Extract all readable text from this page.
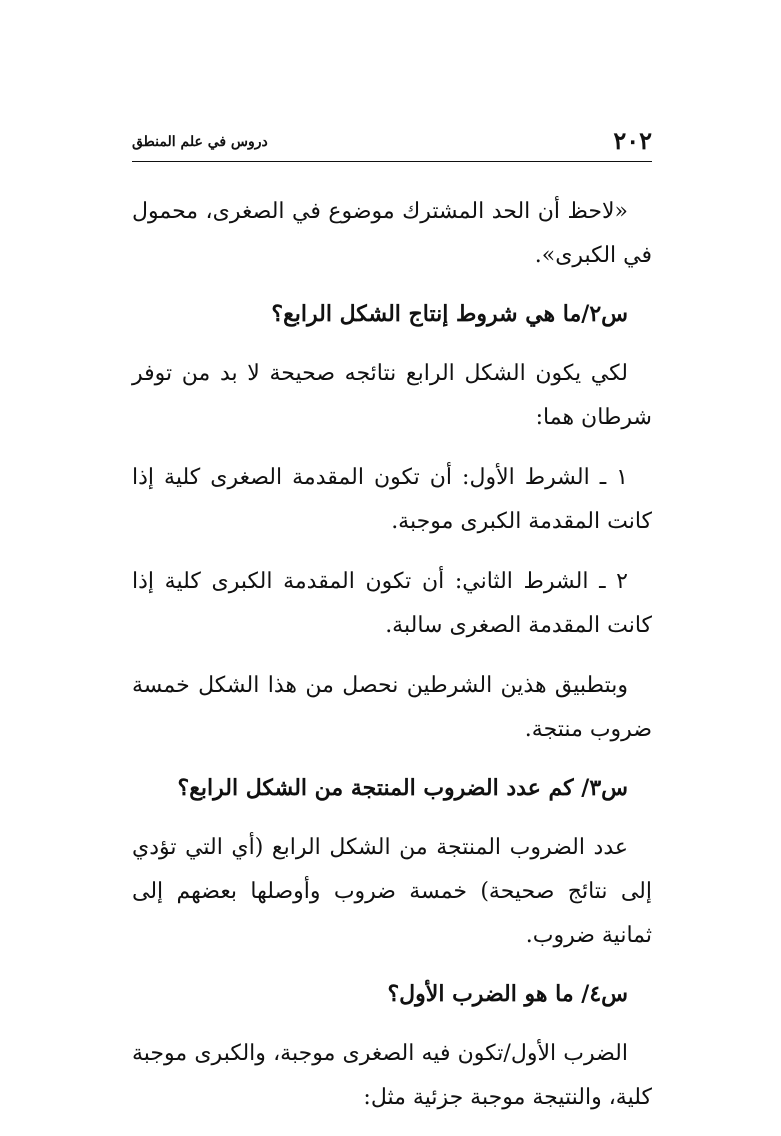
٢٠٢
دروس في علم المنطق

«لاحظ أن الحد المشترك موضوع في الصغرى، محمول في الكبرى».

س٢/ما هي شروط إنتاج الشكل الرابع؟

لكي يكون الشكل الرابع نتائجه صحيحة لا بد من توفر شرطان هما:

١ ـ الشرط الأول: أن تكون المقدمة الصغرى كلية إذا كانت المقدمة الكبرى موجبة.

٢ ـ الشرط الثاني: أن تكون المقدمة الكبرى كلية إذا كانت المقدمة الصغرى سالبة.

وبتطبيق هذين الشرطين نحصل من هذا الشكل خمسة ضروب منتجة.

س٣/ كم عدد الضروب المنتجة من الشكل الرابع؟

عدد الضروب المنتجة من الشكل الرابع (أي التي تؤدي إلى نتائج صحيحة) خمسة ضروب وأوصلها بعضهم إلى ثمانية ضروب.

س٤/ ما هو الضرب الأول؟

الضرب الأول/تكون فيه الصغرى موجبة، والكبرى موجبة كلية، والنتيجة موجبة جزئية مثل:
